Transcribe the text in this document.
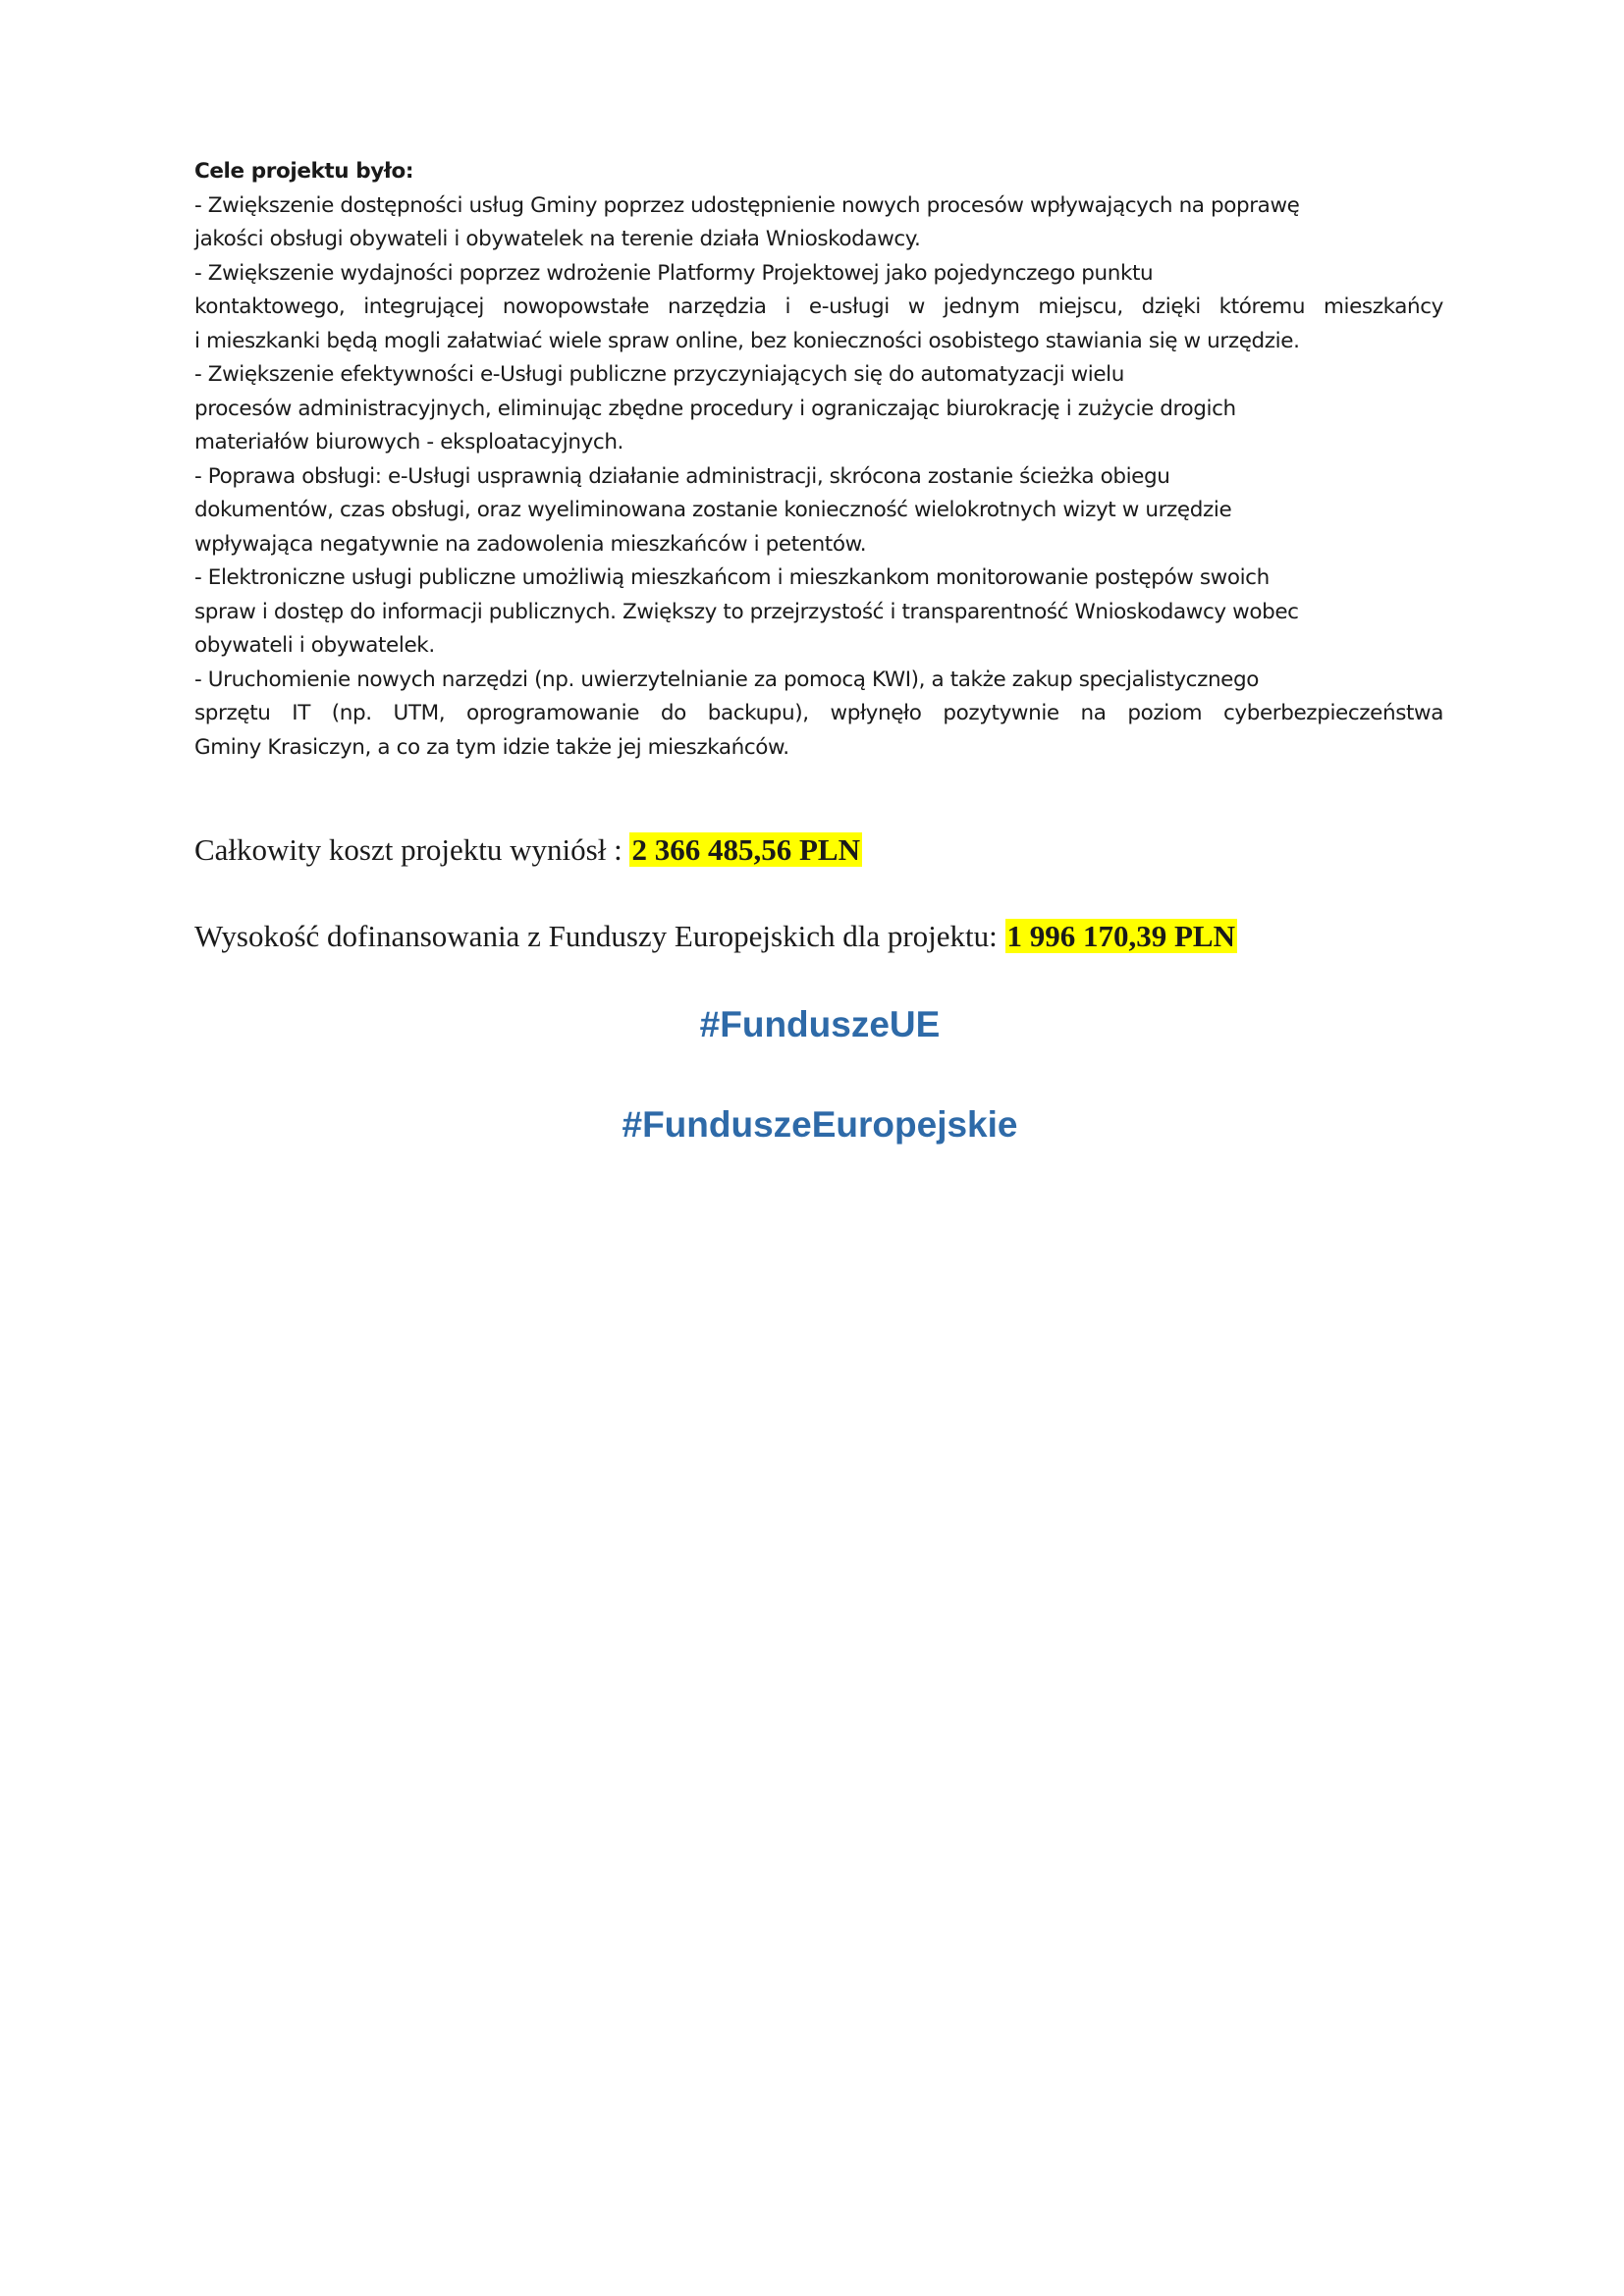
Cele projektu było:
- Zwiększenie dostępności usług Gminy poprzez udostępnienie nowych procesów wpływających na poprawę
jakości obsługi obywateli i obywatelek na terenie działa Wnioskodawcy.
- Zwiększenie wydajności poprzez wdrożenie Platformy Projektowej jako pojedynczego punktu
kontaktowego, integrującej nowopowstałe narzędzia i e-usługi w jednym miejscu, dzięki któremu mieszkańcy
i mieszkanki będą mogli załatwiać wiele spraw online, bez konieczności osobistego stawiania się w urzędzie.
- Zwiększenie efektywności e-Usługi publiczne przyczyniających się do automatyzacji wielu
procesów administracyjnych, eliminując zbędne procedury i ograniczając biurokrację i zużycie drogich
materiałów biurowych - eksploatacyjnych.
- Poprawa obsługi: e-Usługi usprawnią działanie administracji, skrócona zostanie ścieżka obiegu
dokumentów, czas obsługi, oraz wyeliminowana zostanie konieczność wielokrotnych wizyt w urzędzie
wpływająca negatywnie na zadowolenia mieszkańców i petentów.
- Elektroniczne usługi publiczne umożliwią mieszkańcom i mieszkankom monitorowanie postępów swoich
spraw i dostęp do informacji publicznych. Zwiększy to przejrzystość i transparentność Wnioskodawcy wobec
obywateli i obywatelek.
- Uruchomienie nowych narzędzi (np. uwierzytelnianie za pomocą KWI), a także zakup specjalistycznego
sprzętu IT (np. UTM, oprogramowanie do backupu), wpłynęło pozytywnie na poziom cyberbezpieczeństwa
Gminy Krasiczyn, a co za tym idzie także jej mieszkańców.
Całkowity koszt projektu wyniósł : 2 366 485,56 PLN
Wysokość dofinansowania z Funduszy Europejskich dla projektu: 1 996 170,39 PLN
#FunduszeUE
#FunduszeEuropejskie
